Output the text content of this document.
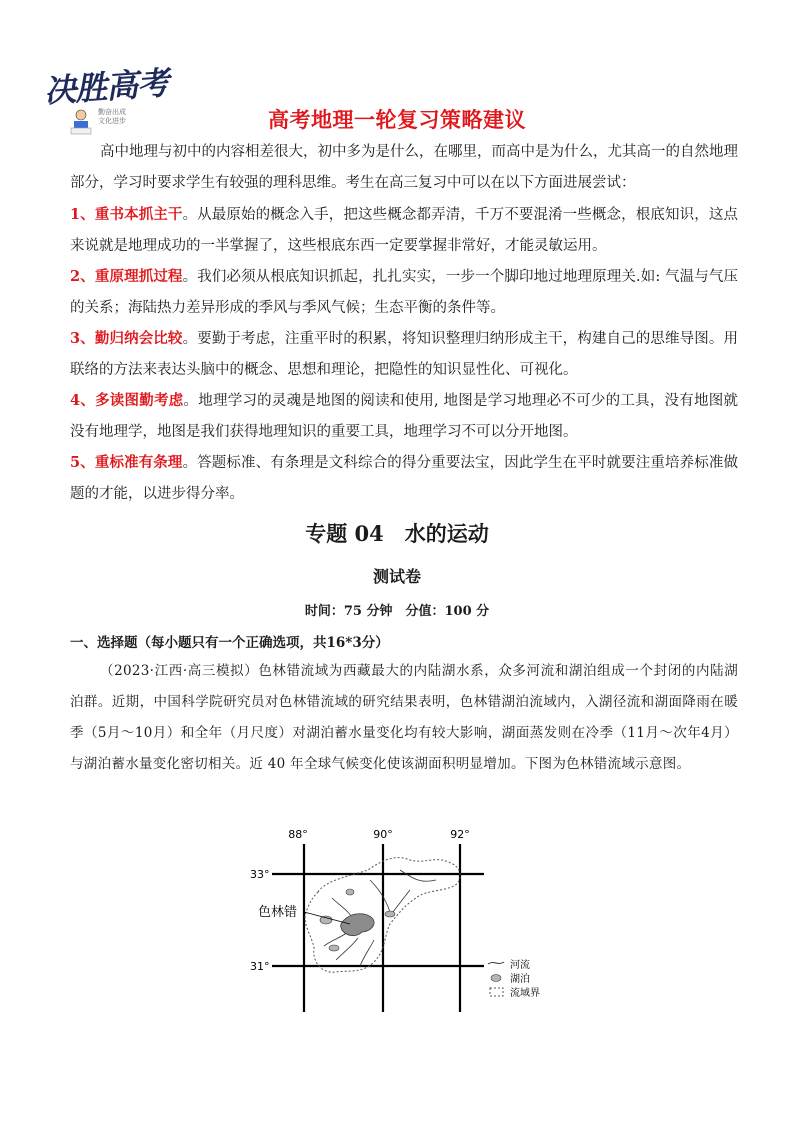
决胜高考
勤奋出成
文化进步	高考地理一轮复习策略建议
高中地理与初中的内容相差很大，初中多为是什么，在哪里，而高中是为什么，尤其高一的自然地理部分，学习时要求学生有较强的理科思维。考生在高三复习中可以在以下方面进展尝试：
1、重书本抓主干。从最原始的概念入手，把这些概念都弄清，千万不要混淆一些概念，根底知识，这点来说就是地理成功的一半掌握了，这些根底东西一定要掌握非常好，才能灵敏运用。
2、重原理抓过程。我们必须从根底知识抓起，扎扎实实，一步一个脚印地过地理原理关.如: 气温与气压的关系；海陆热力差异形成的季风与季风气候；生态平衡的条件等。
3、勤归纳会比较。要勤于考虑，注重平时的积累，将知识整理归纳形成主干，构建自己的思维导图。用联络的方法来表达头脑中的概念、思想和理论，把隐性的知识显性化、可视化。
4、多读图勤考虑。地理学习的灵魂是地图的阅读和使用, 地图是学习地理必不可少的工具，没有地图就没有地理学，地图是我们获得地理知识的重要工具，地理学习不可以分开地图。
5、重标准有条理。答题标准、有条理是文科综合的得分重要法宝，因此学生在平时就要注重培养标准做题的才能，以进步得分率。
专题 04　水的运动
测试卷
时间：75 分钟　分值：100 分
一、选择题（每小题只有一个正确选项，共16*3分）
（2023·江西·高三模拟）色林错流域为西藏最大的内陆湖水系，众多河流和湖泊组成一个封闭的内陆湖泊群。近期，中国科学院研究员对色林错流域的研究结果表明，色林错湖泊流域内，入湖径流和湖面降雨在暖季（5月～10月）和全年（月尺度）对湖泊蓄水量变化均有较大影响，湖面蒸发则在冷季（11月～次年4月）与湖泊蓄水量变化密切相关。近 40 年全球气候变化使该湖面积明显增加。下图为色林错流域示意图。
88°	90°	92°
33°
31°
色林错
河流
湖泊
流域界
